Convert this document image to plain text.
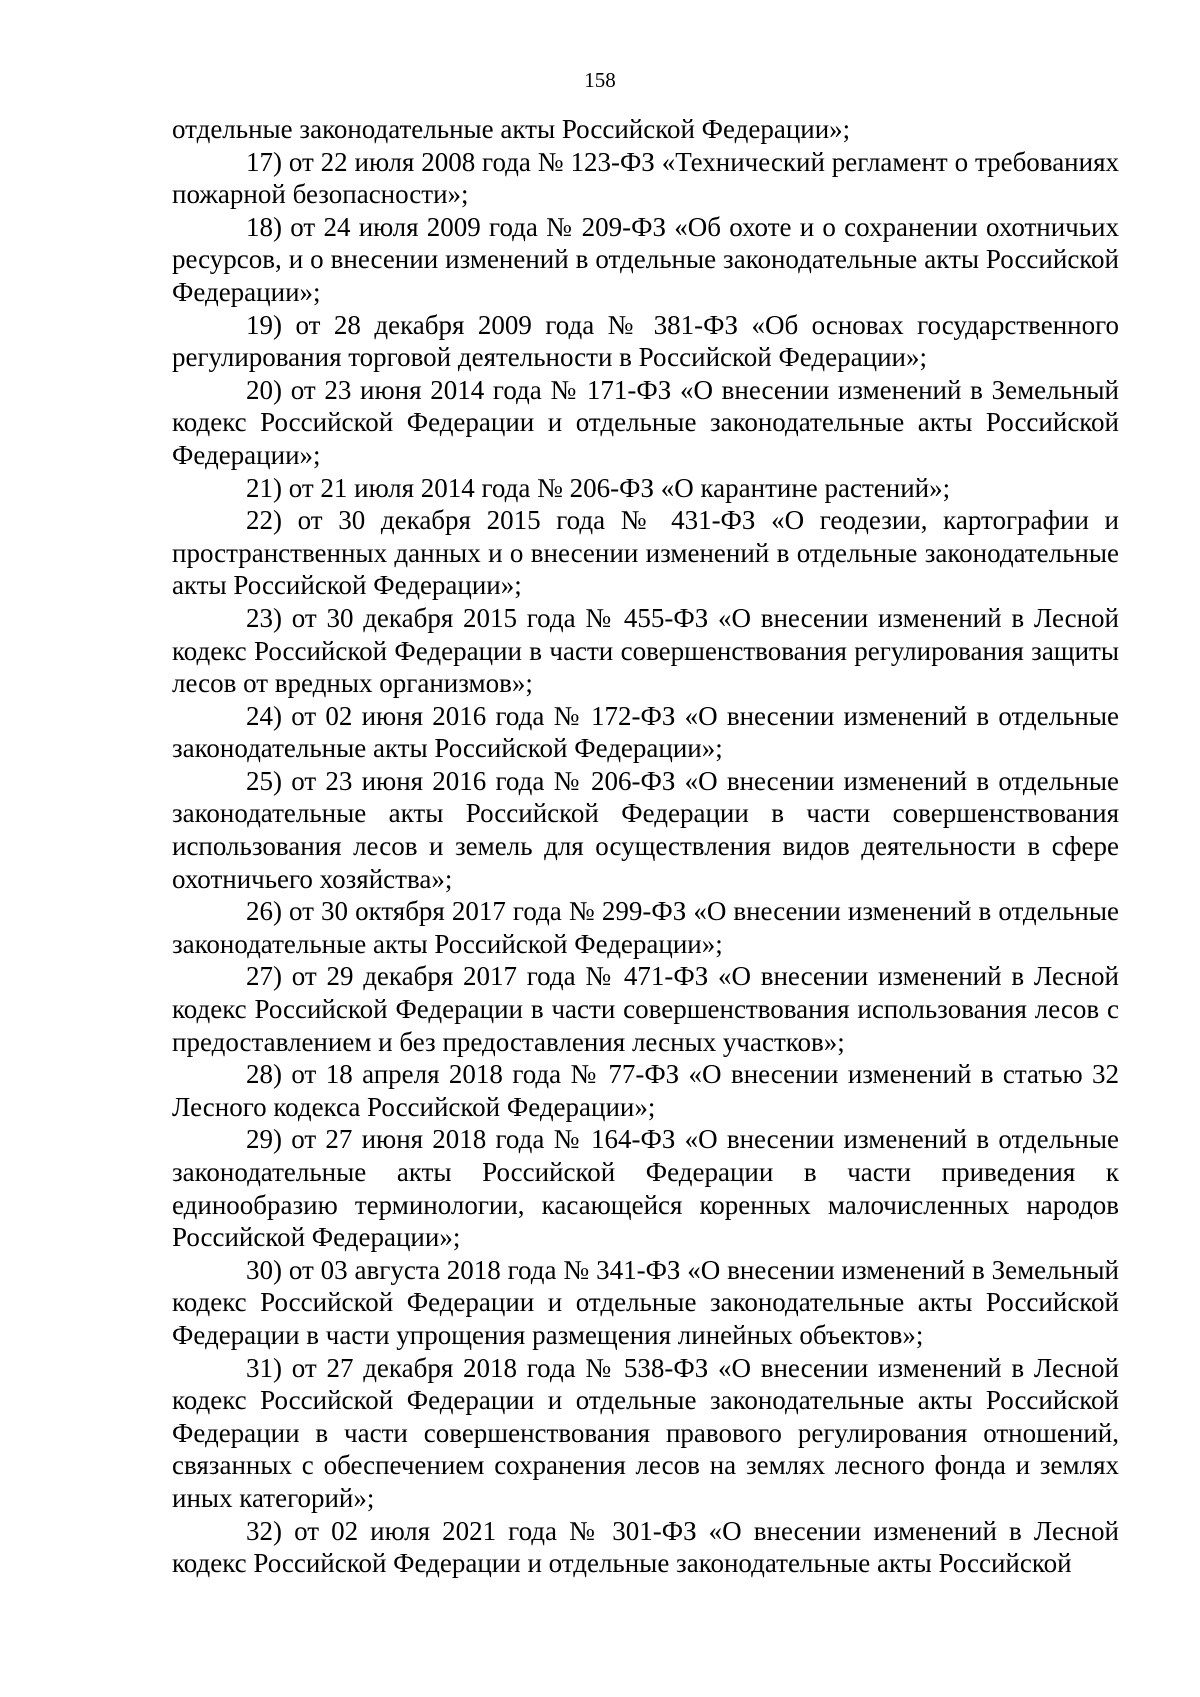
158

отдельные законодательные акты Российской Федерации»;

17) от 22 июля 2008 года № 123-ФЗ «Технический регламент о требованиях пожарной безопасности»;

18) от 24 июля 2009 года № 209-ФЗ «Об охоте и о сохранении охотничьих ресурсов, и о внесении изменений в отдельные законодательные акты Российской Федерации»;

19) от 28 декабря 2009 года № 381-ФЗ «Об основах государственного регулирования торговой деятельности в Российской Федерации»;

20) от 23 июня 2014 года № 171-ФЗ «О внесении изменений в Земельный кодекс Российской Федерации и отдельные законодательные акты Российской Федерации»;

21) от 21 июля 2014 года № 206-ФЗ «О карантине растений»;

22) от 30 декабря 2015 года № 431-ФЗ «О геодезии, картографии и пространственных данных и о внесении изменений в отдельные законодательные акты Российской Федерации»;

23) от 30 декабря 2015 года № 455-ФЗ «О внесении изменений в Лесной кодекс Российской Федерации в части совершенствования регулирования защиты лесов от вредных организмов»;

24) от 02 июня 2016 года № 172-ФЗ «О внесении изменений в отдельные законодательные акты Российской Федерации»;

25) от 23 июня 2016 года № 206-ФЗ «О внесении изменений в отдельные законодательные акты Российской Федерации в части совершенствования использования лесов и земель для осуществления видов деятельности в сфере охотничьего хозяйства»;

26) от 30 октября 2017 года № 299-ФЗ «О внесении изменений в отдельные законодательные акты Российской Федерации»;

27) от 29 декабря 2017 года № 471-ФЗ «О внесении изменений в Лесной кодекс Российской Федерации в части совершенствования использования лесов с предоставлением и без предоставления лесных участков»;

28) от 18 апреля 2018 года № 77-ФЗ «О внесении изменений в статью 32 Лесного кодекса Российской Федерации»;

29) от 27 июня 2018 года № 164-ФЗ «О внесении изменений в отдельные законодательные акты Российской Федерации в части приведения к единообразию терминологии, касающейся коренных малочисленных народов Российской Федерации»;

30) от 03 августа 2018 года № 341-ФЗ «О внесении изменений в Земельный кодекс Российской Федерации и отдельные законодательные акты Российской Федерации в части упрощения размещения линейных объектов»;

31) от 27 декабря 2018 года № 538-ФЗ «О внесении изменений в Лесной кодекс Российской Федерации и отдельные законодательные акты Российской Федерации в части совершенствования правового регулирования отношений, связанных с обеспечением сохранения лесов на землях лесного фонда и землях иных категорий»;

32) от 02 июля 2021 года № 301-ФЗ «О внесении изменений в Лесной кодекс Российской Федерации и отдельные законодательные акты Российской
